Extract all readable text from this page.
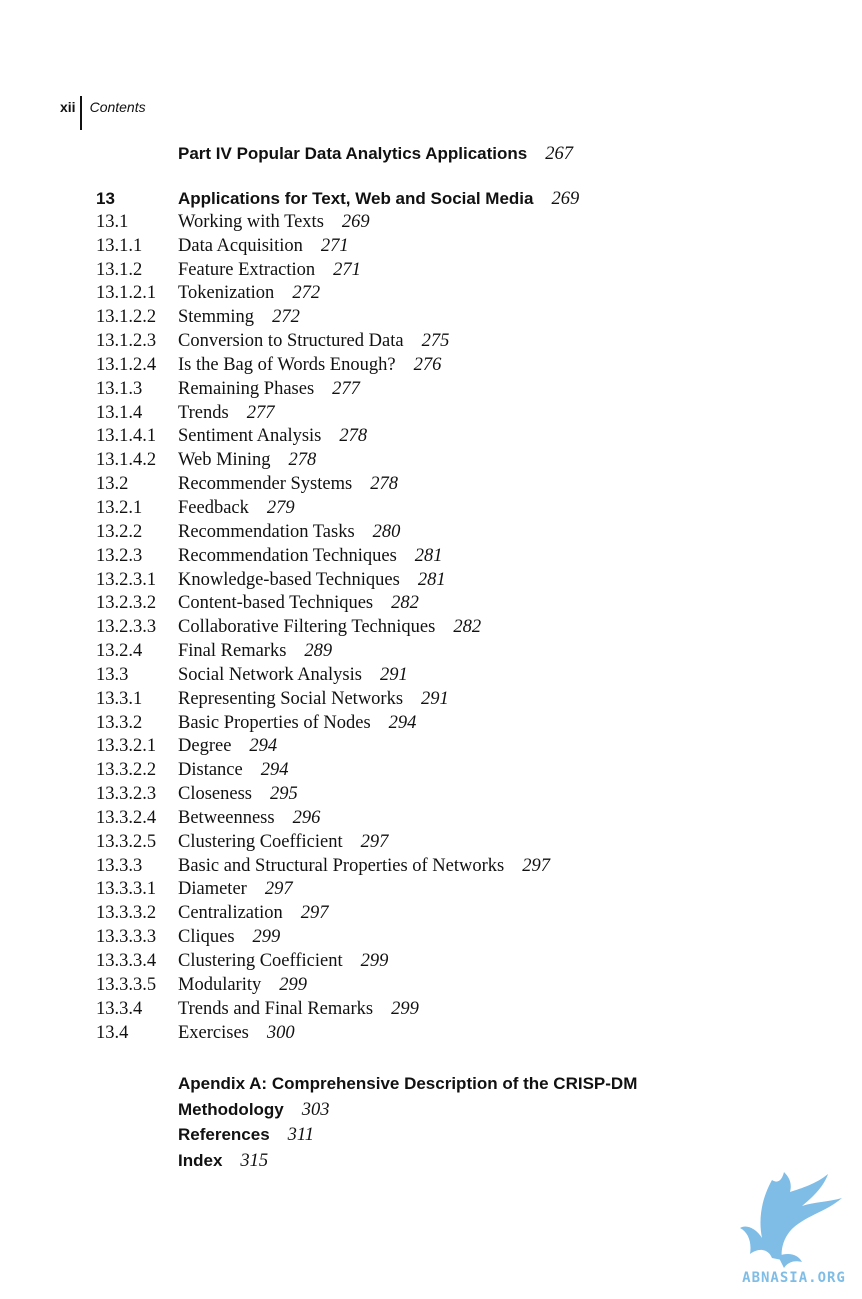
xii Contents
Part IV Popular Data Analytics Applications 267
13	Applications for Text, Web and Social Media 269
13.1	Working with Texts 269
13.1.1 Data Acquisition 271
13.1.2 Feature Extraction 271
13.1.2.1 Tokenization 272
13.1.2.2 Stemming 272
13.1.2.3 Conversion to Structured Data 275
13.1.2.4 Is the Bag of Words Enough? 276
13.1.3 Remaining Phases 277
13.1.4 Trends 277
13.1.4.1 Sentiment Analysis 278
13.1.4.2 Web Mining 278
13.2	Recommender Systems 278
13.2.1 Feedback 279
13.2.2 Recommendation Tasks 280
13.2.3 Recommendation Techniques 281
13.2.3.1 Knowledge-based Techniques 281
13.2.3.2 Content-based Techniques 282
13.2.3.3 Collaborative Filtering Techniques 282
13.2.4 Final Remarks 289
13.3	Social Network Analysis 291
13.3.1 Representing Social Networks 291
13.3.2 Basic Properties of Nodes 294
13.3.2.1 Degree 294
13.3.2.2 Distance 294
13.3.2.3 Closeness 295
13.3.2.4 Betweenness 296
13.3.2.5 Clustering Coefficient 297
13.3.3 Basic and Structural Properties of Networks 297
13.3.3.1 Diameter 297
13.3.3.2 Centralization 297
13.3.3.3 Cliques 299
13.3.3.4 Clustering Coefficient 299
13.3.3.5 Modularity 299
13.3.4 Trends and Final Remarks 299
13.4	Exercises 300
Apendix A: Comprehensive Description of the CRISP-DM
Methodology 303
References 311
Index 315
ABNASIA.ORG
